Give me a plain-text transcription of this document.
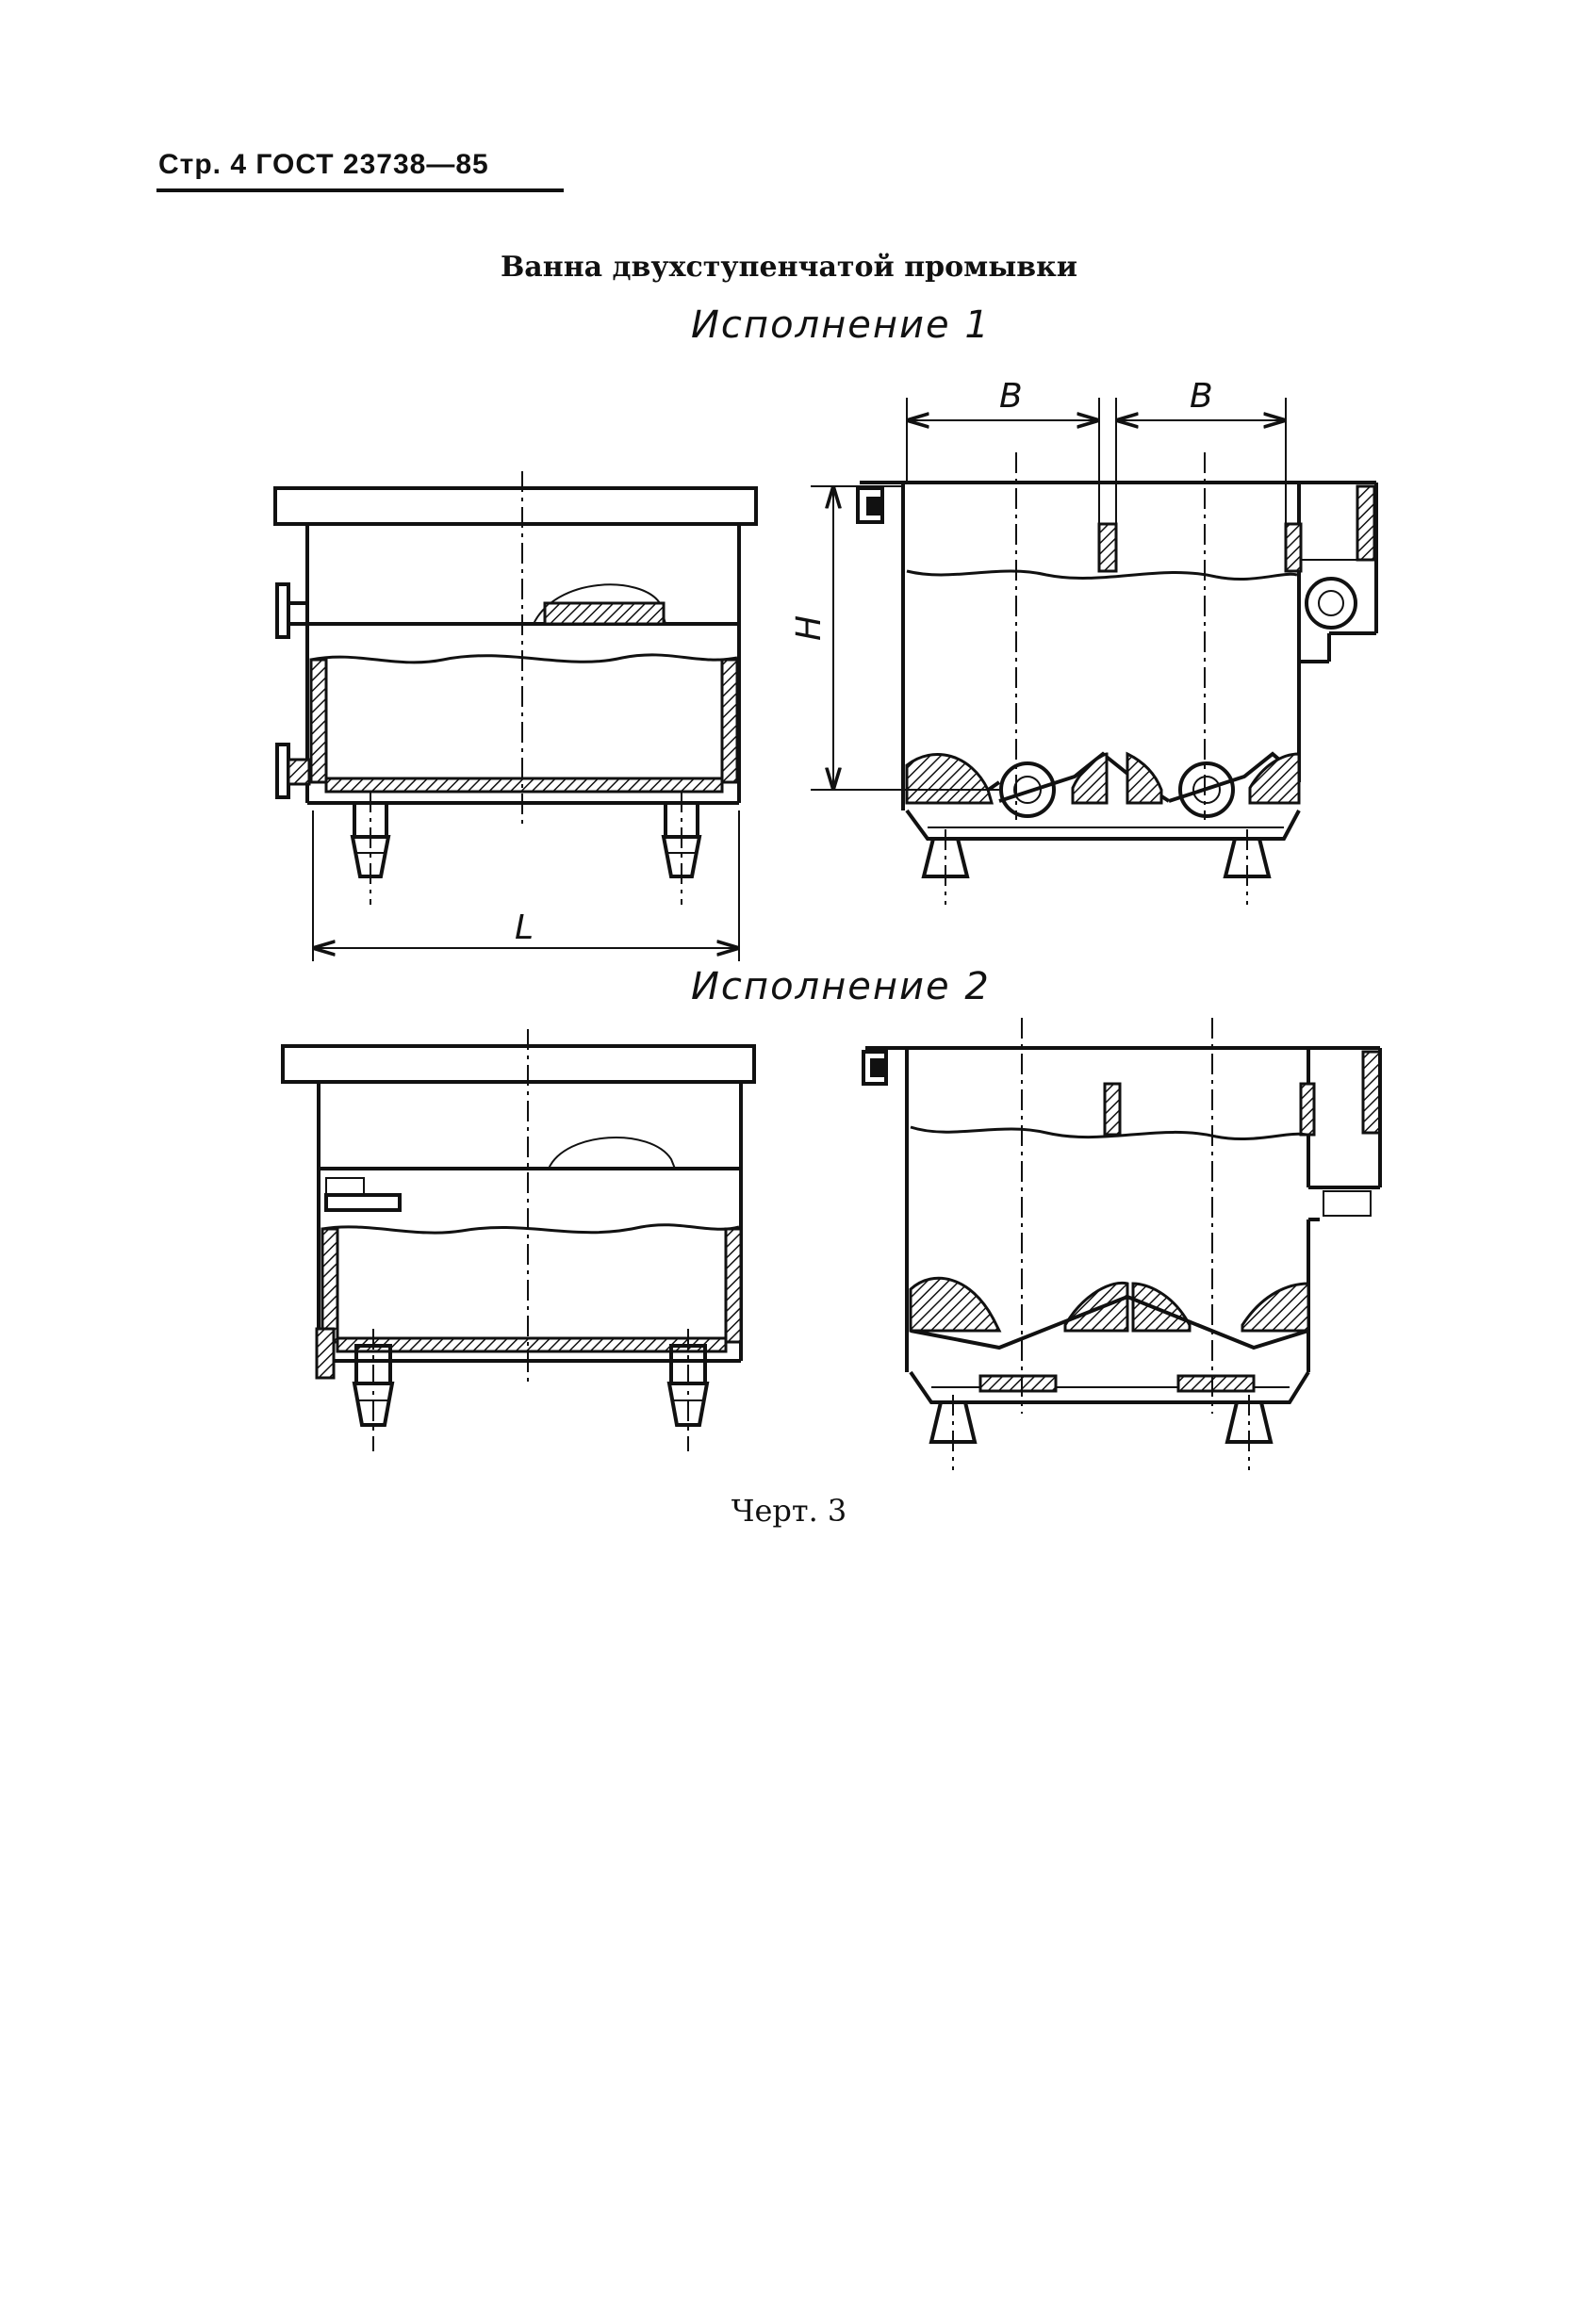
Стр. 4 ГОСТ 23738—85
Ванна двухступенчатой промывки
Исполнение 1
Исполнение 2
L
B	B
H
Черт. 3
